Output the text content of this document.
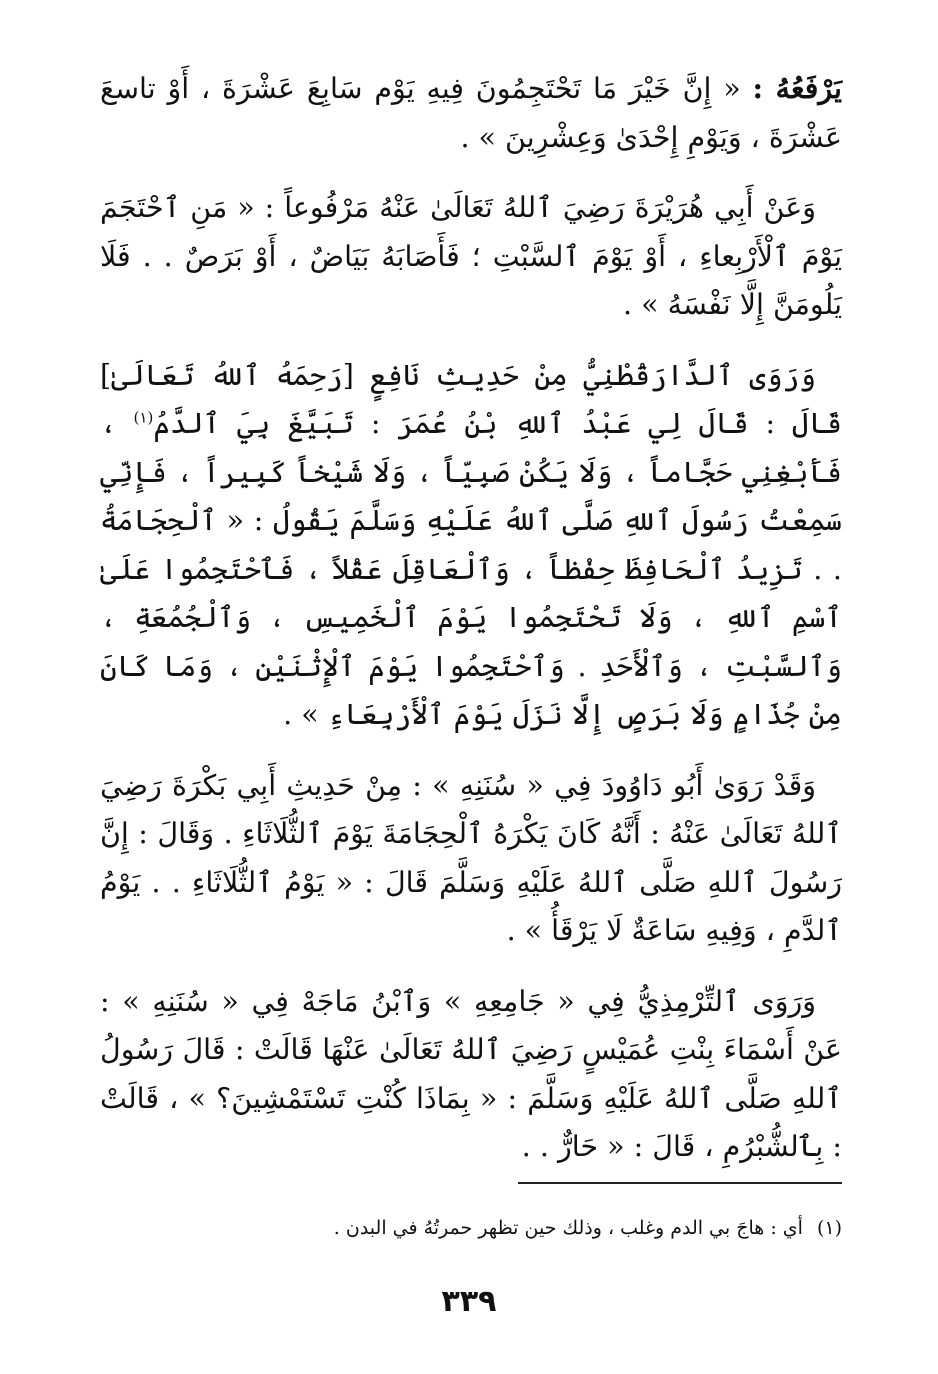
يَرْفَعُهُ : « إِنَّ خَيْرَ مَا تَحْتَجِمُونَ فِيهِ يَوْم سَابِعَ عَشْرَةَ ، أَوْ تاسعَ عَشْرَةَ ، وَيَوْمِ إِحْدَىٰ وَعِشْرِينَ » .

وَعَنْ أَبِي هُرَيْرَةَ رَضِيَ ٱللهُ تَعَالَىٰ عَنْهُ مَرْفُوعاً : « مَنِ ٱحْتَجَمَ يَوْمَ ٱلْأَرْبِعاءِ ، أَوْ يَوْمَ ٱلسَّبْتِ ؛ فَأَصَابَهُ بَيَاضٌ ، أَوْ بَرَصٌ . . فَلَا يَلُومَنَّ إِلَّا نَفْسَهُ » .

وَرَوَى ٱلدَّارَقُطْنِيُّ مِنْ حَدِيثِ نَافِعٍ [رَحِمَهُ ٱللهُ تَعَالَىٰ] قَالَ : قَالَ لِي عَبْدُ ٱللهِ بْنُ عُمَرَ : تَبَيَّغَ بِيَ ٱلدَّمُ$^{(١)}$ ، فَأَبْغِنِي حَجَّاماً ، وَلَا يَكُنْ صَبِيّاً ، وَلَا شَيْخاً كَبِيراً ، فَإِنِّي سَمِعْتُ رَسُولَ ٱللهِ صَلَّى ٱللهُ عَلَيْهِ وَسَلَّمَ يَقُولُ : « ٱلْحِجَامَةُ . . تَزِيدُ ٱلْحَافِظَ حِفْظاً ، وَٱلْعَاقِلَ عَقْلاً ، فَٱحْتَجِمُوا عَلَىٰ ٱسْمِ ٱللهِ ، وَلَا تَحْتَجِمُوا يَوْمَ ٱلْخَمِيسِ ، وَٱلْجُمُعَةِ ، وَٱلسَّبْتِ ، وَٱلْأَحَدِ . وَٱحْتَجِمُوا يَوْمَ ٱلْإِثْنَيْنِ ، وَمَا كَانَ مِنْ جُذَامٍ وَلَا بَرَصٍ إِلَّا نَزَلَ يَوْمَ ٱلْأَرْبِعَاءِ » .

وَقَدْ رَوَىٰ أَبُو دَاوُودَ فِي « سُنَنِهِ » : مِنْ حَدِيثِ أَبِي بَكْرَةَ رَضِيَ ٱللهُ تَعَالَىٰ عَنْهُ : أَنَّهُ كَانَ يَكْرَهُ ٱلْحِجَامَةَ يَوْمَ ٱلثُّلَاثَاءِ . وَقَالَ : إِنَّ رَسُولَ ٱللهِ صَلَّى ٱللهُ عَلَيْهِ وَسَلَّمَ قَالَ : « يَوْمُ ٱلثُّلَاثَاءِ . . يَوْمُ ٱلدَّمِ ، وَفِيهِ سَاعَةٌ لَا يَرْقَأُ » .

وَرَوَى ٱلتِّرْمِذِيُّ فِي « جَامِعِهِ » وَٱبْنُ مَاجَهْ فِي « سُنَنِهِ » : عَنْ أَسْمَاءَ بِنْتِ عُمَيْسٍ رَضِيَ ٱللهُ تَعَالَىٰ عَنْهَا قَالَتْ : قَالَ رَسُولُ ٱللهِ صَلَّى ٱللهُ عَلَيْهِ وَسَلَّمَ : « بِمَاذَا كُنْتِ تَسْتَمْشِينَ؟ » ، قَالَتْ : بِٱلشُّبْرُمِ ، قَالَ : « حَارٌّ . .

(١)أي : هاجَ بي الدم وغلب ، وذلك حين تظهر حمرتُهُ في البدن .
٣٣٩
